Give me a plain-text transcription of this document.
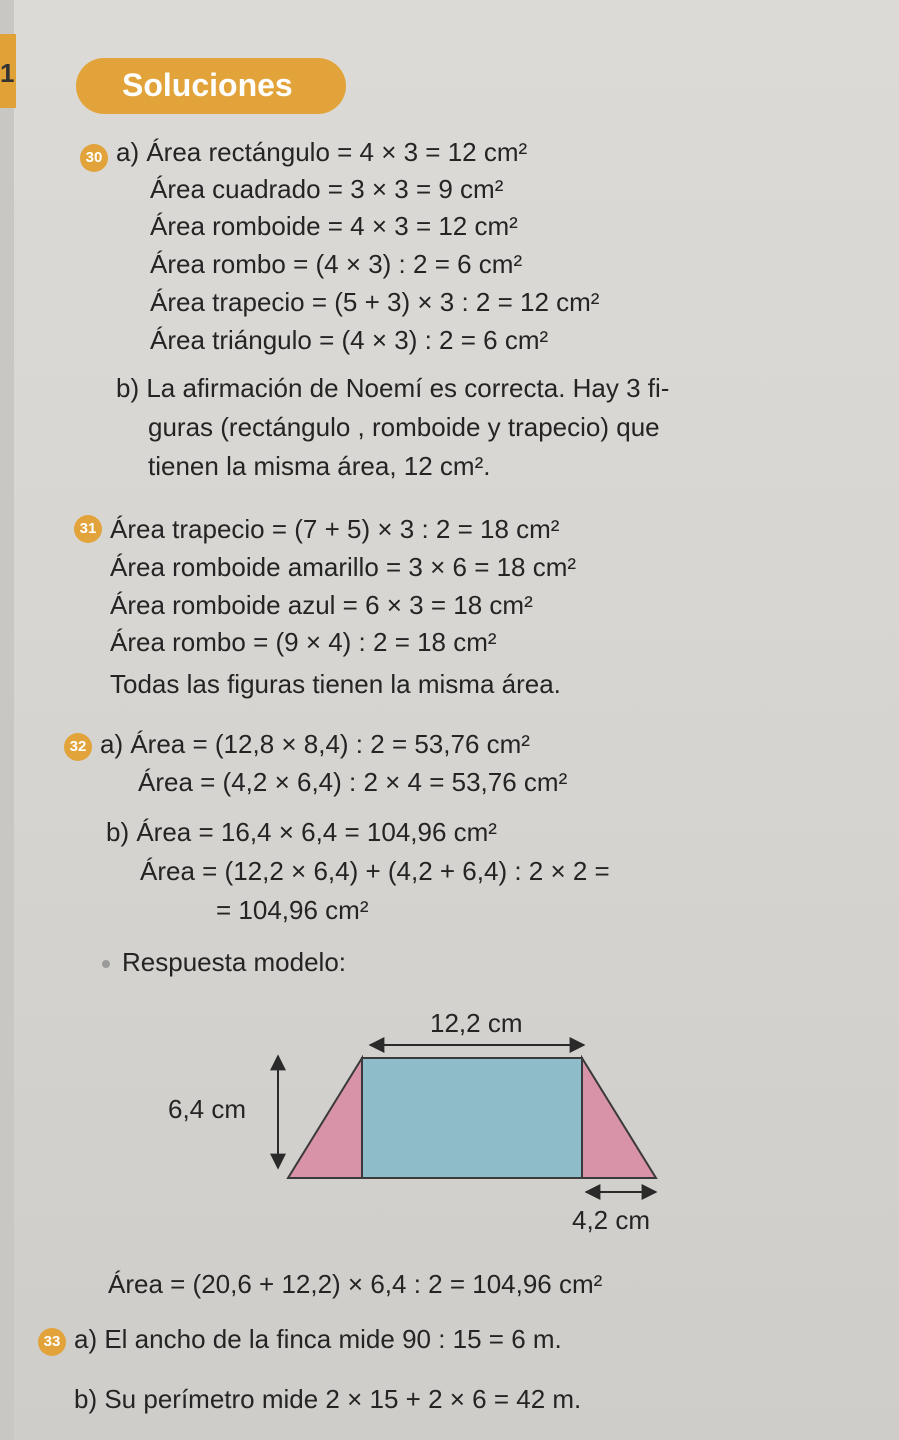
1	Soluciones
30 a) Área rectángulo = 4 × 3 = 12 cm²
Área cuadrado = 3 × 3 = 9 cm²
Área romboide = 4 × 3 = 12 cm²
Área rombo = (4 × 3) : 2 = 6 cm²
Área trapecio = (5 + 3) × 3 : 2 = 12 cm²
Área triángulo = (4 × 3) : 2 = 6 cm²
b) La afirmación de Noemí es correcta. Hay 3 fi-
guras (rectángulo , romboide y trapecio) que
tienen la misma área, 12 cm².
31 Área trapecio = (7 + 5) × 3 : 2 = 18 cm²
Área romboide amarillo = 3 × 6 = 18 cm²
Área romboide azul = 6 × 3 = 18 cm²
Área rombo = (9 × 4) : 2 = 18 cm²
Todas las figuras tienen la misma área.
32 a) Área = (12,8 × 8,4) : 2 = 53,76 cm²
Área = (4,2 × 6,4) : 2 × 4 = 53,76 cm²
b) Área = 16,4 × 6,4 = 104,96 cm²
Área = (12,2 × 6,4) + (4,2 + 6,4) : 2 × 2 =
= 104,96 cm²
Respuesta modelo:
12,2 cm
6,4 cm
4,2 cm
Área = (20,6 + 12,2) × 6,4 : 2 = 104,96 cm²
33 a) El ancho de la finca mide 90 : 15 = 6 m.
b) Su perímetro mide 2 × 15 + 2 × 6 = 42 m.
